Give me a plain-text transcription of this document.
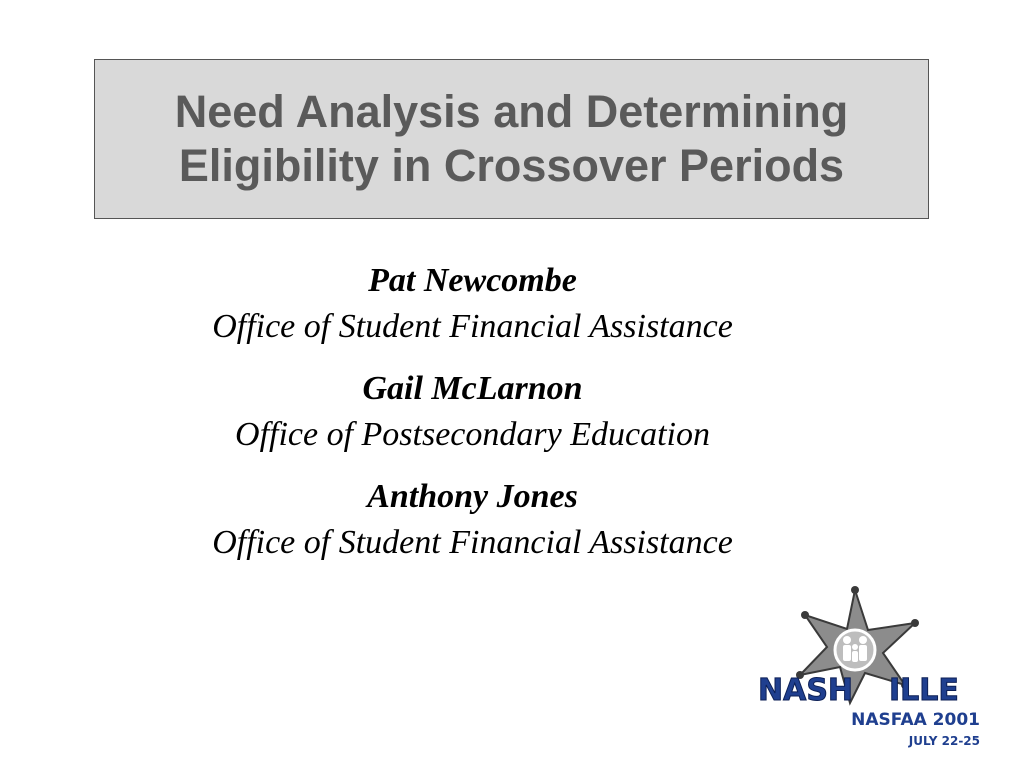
Need Analysis and Determining
Eligibility in Crossover Periods
Pat Newcombe
Office of Student Financial Assistance
Gail McLarnon
Office of Postsecondary Education
Anthony Jones
Office of Student Financial Assistance
NASH ILLE
NASFAA 2001
JULY 22-25
